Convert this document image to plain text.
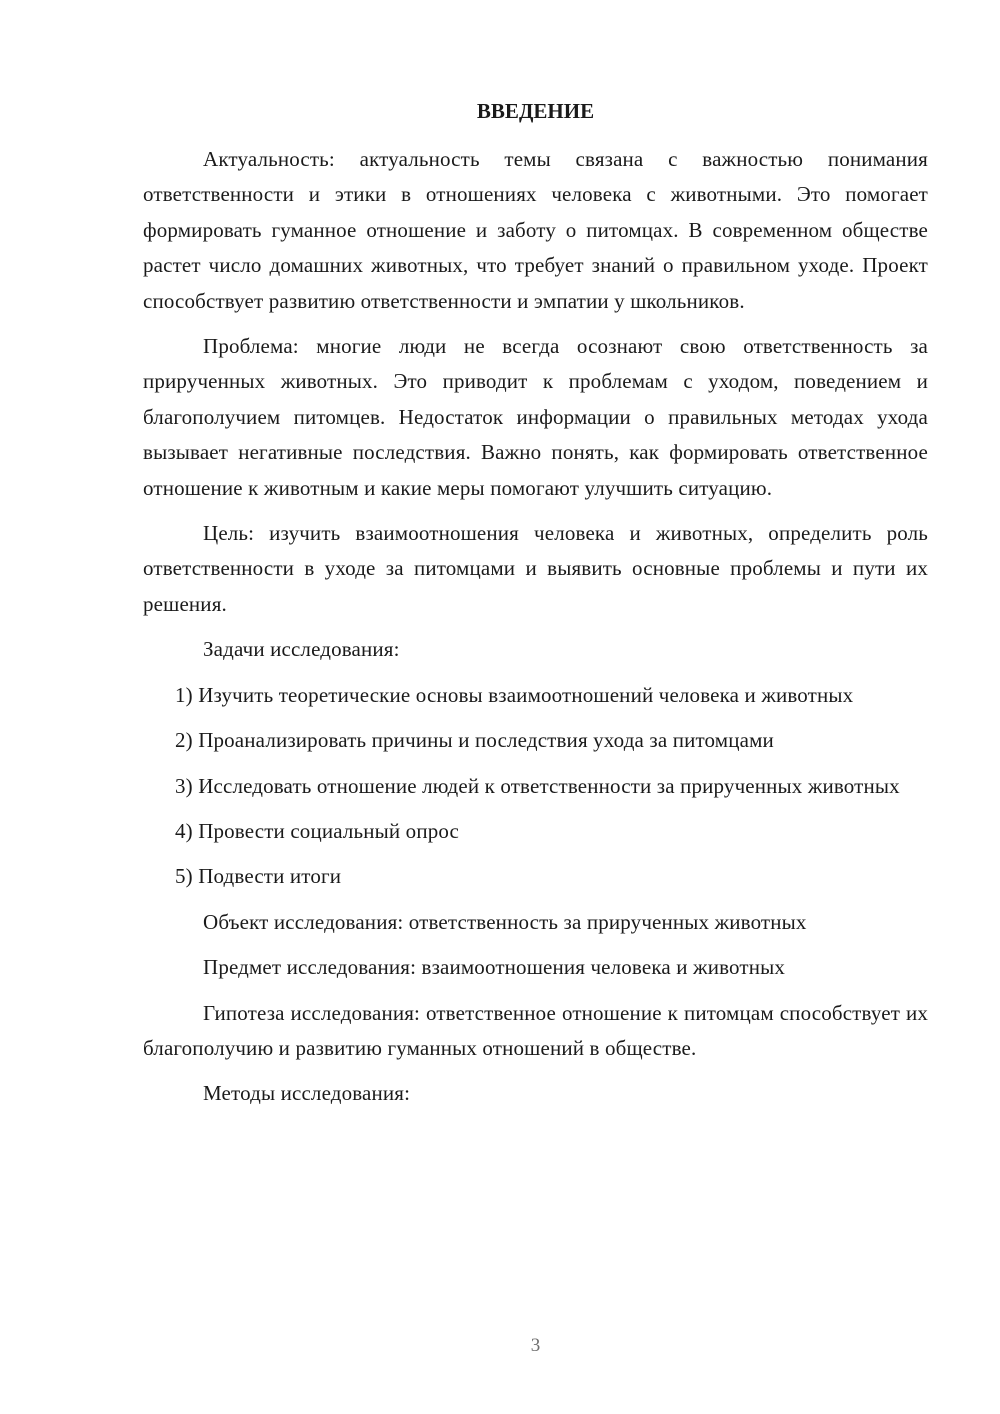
ВВЕДЕНИЕ

Актуальность: актуальность темы связана с важностью понимания ответственности и этики в отношениях человека с животными. Это помогает формировать гуманное отношение и заботу о питомцах. В современном обществе растет число домашних животных, что требует знаний о правильном уходе. Проект способствует развитию ответственности и эмпатии у школьников.

Проблема: многие люди не всегда осознают свою ответственность за прирученных животных. Это приводит к проблемам с уходом, поведением и благополучием питомцев. Недостаток информации о правильных методах ухода вызывает негативные последствия. Важно понять, как формировать ответственное отношение к животным и какие меры помогают улучшить ситуацию.

Цель: изучить взаимоотношения человека и животных, определить роль ответственности в уходе за питомцами и выявить основные проблемы и пути их решения.

Задачи исследования:

1) Изучить теоретические основы взаимоотношений человека и животных

2) Проанализировать причины и последствия ухода за питомцами

3) Исследовать отношение людей к ответственности за прирученных животных

4) Провести социальный опрос

5) Подвести итоги

Объект исследования: ответственность за прирученных животных

Предмет исследования: взаимоотношения человека и животных

Гипотеза исследования: ответственное отношение к питомцам способствует их благополучию и развитию гуманных отношений в обществе.

Методы исследования:

3
